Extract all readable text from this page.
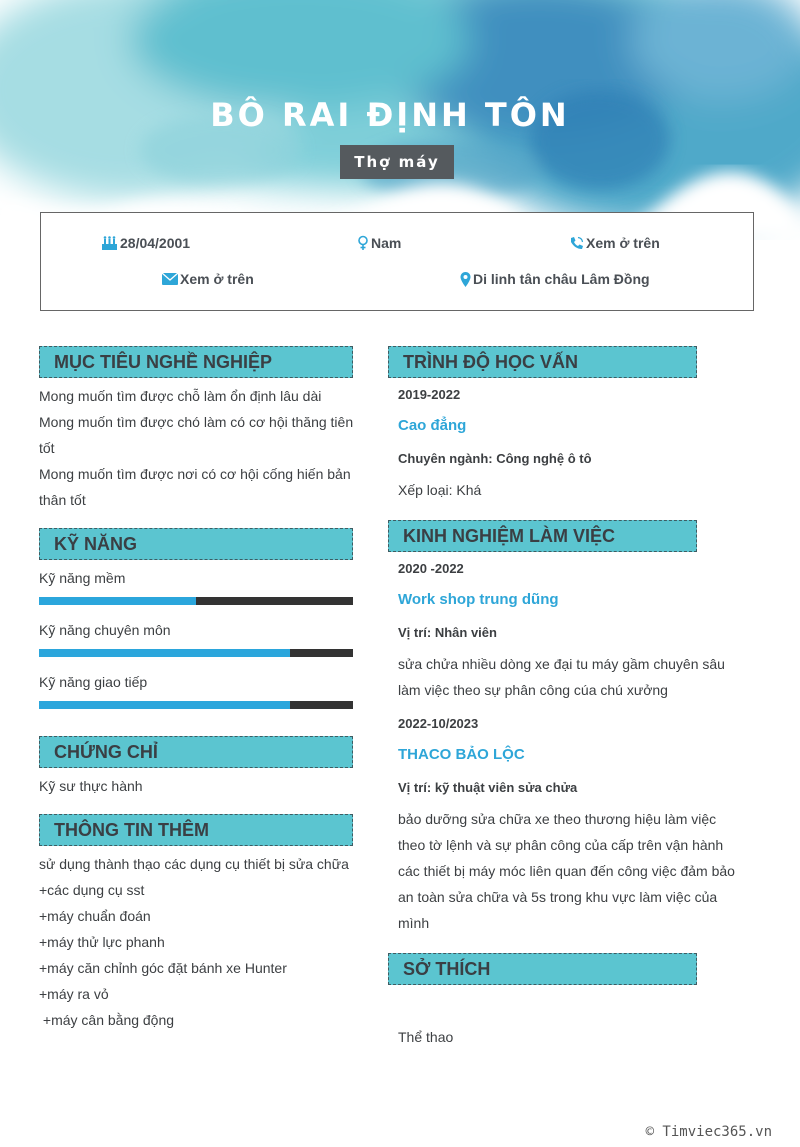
BÔ RAI ĐỊNH TÔN
Thợ máy
28/04/2001	Nam	Xem ở trên
Xem ở trên	Di linh tân châu Lâm Đồng
MỤC TIÊU NGHỀ NGHIỆP
Mong muốn tìm được chỗ làm ổn định lâu dài
Mong muốn tìm được chó làm có cơ hội thăng tiên
tốt
Mong muốn tìm được nơi có cơ hội cống hiến bản
thân tốt
KỸ NĂNG
Kỹ năng mềm
Kỹ năng chuyên môn
Kỹ năng giao tiếp
CHỨNG CHỈ
Kỹ sư thực hành
THÔNG TIN THÊM
sử dụng thành thạo các dụng cụ thiết bị sửa chữa
+các dụng cụ sst
+máy chuẩn đoán
+máy thử lực phanh
+máy căn chỉnh góc đặt bánh xe Hunter
+máy ra vỏ
+máy cân bằng động
TRÌNH ĐỘ HỌC VẤN
2019-2022
Cao đẳng
Chuyên ngành: Công nghệ ô tô
Xếp loại: Khá
KINH NGHIỆM LÀM VIỆC
2020 -2022
Work shop trung dũng
Vị trí: Nhân viên
sửa chửa nhiều dòng xe đại tu máy gầm chuyên sâu
làm việc theo sự phân công cúa chú xưởng
2022-10/2023
THACO BẢO LỘC
Vị trí: kỹ thuật viên sửa chửa
bảo dưỡng sửa chữa xe theo thương hiệu làm việc
theo tờ lệnh và sự phân công của cấp trên vận hành
các thiết bị máy móc liên quan đến công việc đảm bảo
an toàn sửa chữa và 5s trong khu vực làm việc của
mình
SỞ THÍCH
Thể thao
© Timviec365.vn
